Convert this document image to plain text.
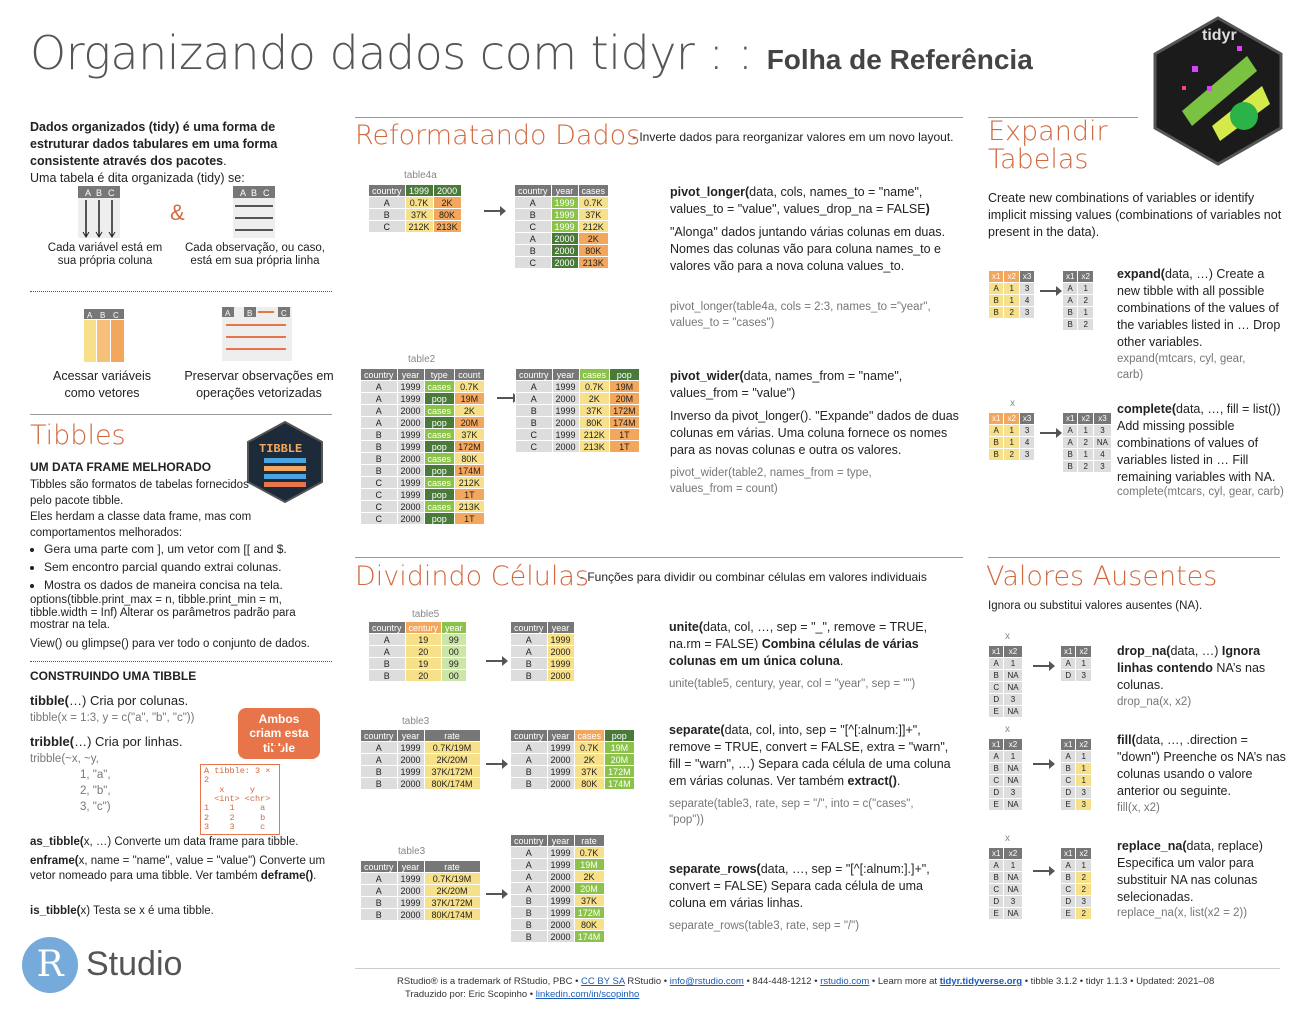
Organizando dados com tidyr : : Folha de Referência
tidyr
Dados organizados (tidy) é uma forma de estruturar dados tabulares em uma forma consistente através dos pacotes.
Uma tabela é dita organizada (tidy) se:
A B C
&
A B C
Cada variável está em sua própria coluna
Cada observação, ou caso, está em sua própria linha
A B C	A B	C
Acessar variáveis como vetores
Preservar observações em operações vetorizadas
Tibbles	TIBBLE
UM DATA FRAME MELHORADO
Tibbles são formatos de tabelas fornecidos pelo pacote tibble.
Eles herdam a classe data frame, mas com comportamentos melhorados:
• Gera uma parte com ], um vetor com [[ and $.
• Sem encontro parcial quando extrai colunas.
• Mostra os dados de maneira concisa na tela.
options(tibble.print_max = n, tibble.print_min = m, tibble.width = Inf) Alterar os parâmetros padrão para mostrar na tela.
View() ou glimpse() para ver todo o conjunto de dados.
CONSTRUINDO UMA TIBBLE
tibble(…) Cria por colunas.
tibble(x = 1:3, y = c("a", "b", "c"))
tribble(…) Cria por linhas.
tribble(~x, ~y,
1, "a",
2, "b",
3, "c")
Ambos criam esta tibble
A tibble: 3 × 2
x     y
<int> <chr>
1    1     a
2    2     b
3    3     c
as_tibble(x, …) Converte um data frame para tibble.
enframe(x, name = "name", value = "value") Converte um vetor nomeado para uma tibble. Ver também deframe().
is_tibble(x) Testa se x é uma tibble.
R Studio
Reformatando Dados
- Inverte dados para reorganizar valores em um novo layout.
table4a
country	1999	2000
A	0.7K	2K
B	37K	80K
C	212K	213K
country	year	cases
A	1999	0.7K
B	1999	37K
C	1999	212K
A	2000	2K
B	2000	80K
C	2000	213K
pivot_longer(data, cols, names_to = "name", values_to = "value", values_drop_na = FALSE)
"Alonga" dados juntando várias colunas em duas. Nomes das colunas vão para coluna names_to e valores vão para a nova coluna values_to.
pivot_longer(table4a, cols = 2:3, names_to ="year", values_to = "cases")
table2
country	year	type	count
A	1999	cases	0.7K
A	1999	pop	19M
A	2000	cases	2K
A	2000	pop	20M
B	1999	cases	37K
B	1999	pop	172M
B	2000	cases	80K
B	2000	pop	174M
C	1999	cases	212K
C	1999	pop	1T
C	2000	cases	213K
C	2000	pop	1T
country	year	cases	pop
A	1999	0.7K	19M
A	2000	2K	20M
B	1999	37K	172M
B	2000	80K	174M
C	1999	212K	1T
C	2000	213K	1T
pivot_wider(data, names_from = "name", values_from = "value")
Inverso da pivot_longer(). "Expande" dados de duas colunas em várias. Uma coluna fornece os nomes para as novas colunas e outra os valores.
pivot_wider(table2, names_from = type, values_from = count)
Dividindo Células
- Funções para dividir ou combinar células em valores individuais
table5
country	century	year
A	19	99
A	20	00
B	19	99
B	20	00
country	year
A	1999
A	2000
B	1999
B	2000
unite(data, col, …, sep = "_", remove = TRUE, na.rm = FALSE) Combina células de várias colunas em um única coluna.
unite(table5, century, year, col = "year", sep = "")
table3
country	year	rate
A	1999	0.7K/19M
A	2000	2K/20M
B	1999	37K/172M
B	2000	80K/174M
country	year	cases	pop
A	1999	0.7K	19M
A	2000	2K	20M
B	1999	37K	172M
B	2000	80K	174M
separate(data, col, into, sep = "[^[:alnum:]]+", remove = TRUE, convert = FALSE, extra = "warn", fill = "warn", …) Separa cada célula de uma coluna em várias colunas. Ver também extract().
separate(table3, rate, sep = "/", into = c("cases", "pop"))
table3
country	year	rate
A	1999	0.7K/19M
A	2000	2K/20M
B	1999	37K/172M
B	2000	80K/174M
country	year	rate
A	1999	0.7K
A	1999	19M
A	2000	2K
A	2000	20M
B	1999	37K
B	1999	172M
B	2000	80K
B	2000	174M
separate_rows(data, …, sep = "[^[:alnum:].]+", convert = FALSE) Separa cada célula de uma coluna em várias linhas.
separate_rows(table3, rate, sep = "/")
Expandir
Tabelas
Create new combinations of variables or identify implicit missing values (combinations of variables not present in the data).
x1	x2	x3
A	1	3
B	1	4
B	2	3

x1	x2
A	1
A	2
B	1
B	2
expand(data, …) Create a new tibble with all possible combinations of the values of the variables listed in … Drop other variables.
expand(mtcars, cyl, gear, carb)
x
x1	x2	x3
A	1	3
B	1	4
B	2	3

x1	x2	x3
A	1	3
A	2	NA
B	1	4
B	2	3
complete(data, …, fill = list()) Add missing possible combinations of values of variables listed in … Fill remaining variables with NA.
complete(mtcars, cyl, gear, carb)
Valores Ausentes
Ignora ou substitui valores ausentes (NA).
x
x1	x2
A	1
B	NA
C	NA
D	3
E	NA
x1	x2
A	1
D	3
drop_na(data, …) Ignora linhas contendo NA’s nas colunas.
drop_na(x, x2)
x
x1	x2
A	1
B	NA
C	NA
D	3
E	NA
x1	x2
A	1
B	1
C	1
D	3
E	3
fill(data, …, .direction = "down") Preenche os NA’s nas colunas usando o valore anterior ou seguinte.
fill(x, x2)
x
x1	x2
A	1
B	NA
C	NA
D	3
E	NA
x1	x2
A	1
B	2
C	2
D	3
E	2
replace_na(data, replace) Especifica um valor para substituir NA nas colunas selecionadas.
replace_na(x, list(x2 = 2))
RStudio® is a trademark of RStudio, PBC • CC BY SA RStudio • info@rstudio.com • 844-448-1212 • rstudio.com • Learn more at tidyr.tidyverse.org • tibble 3.1.2 • tidyr 1.1.3 • Updated: 2021–08
Traduzido por: Eric Scopinho • linkedin.com/in/scopinho
